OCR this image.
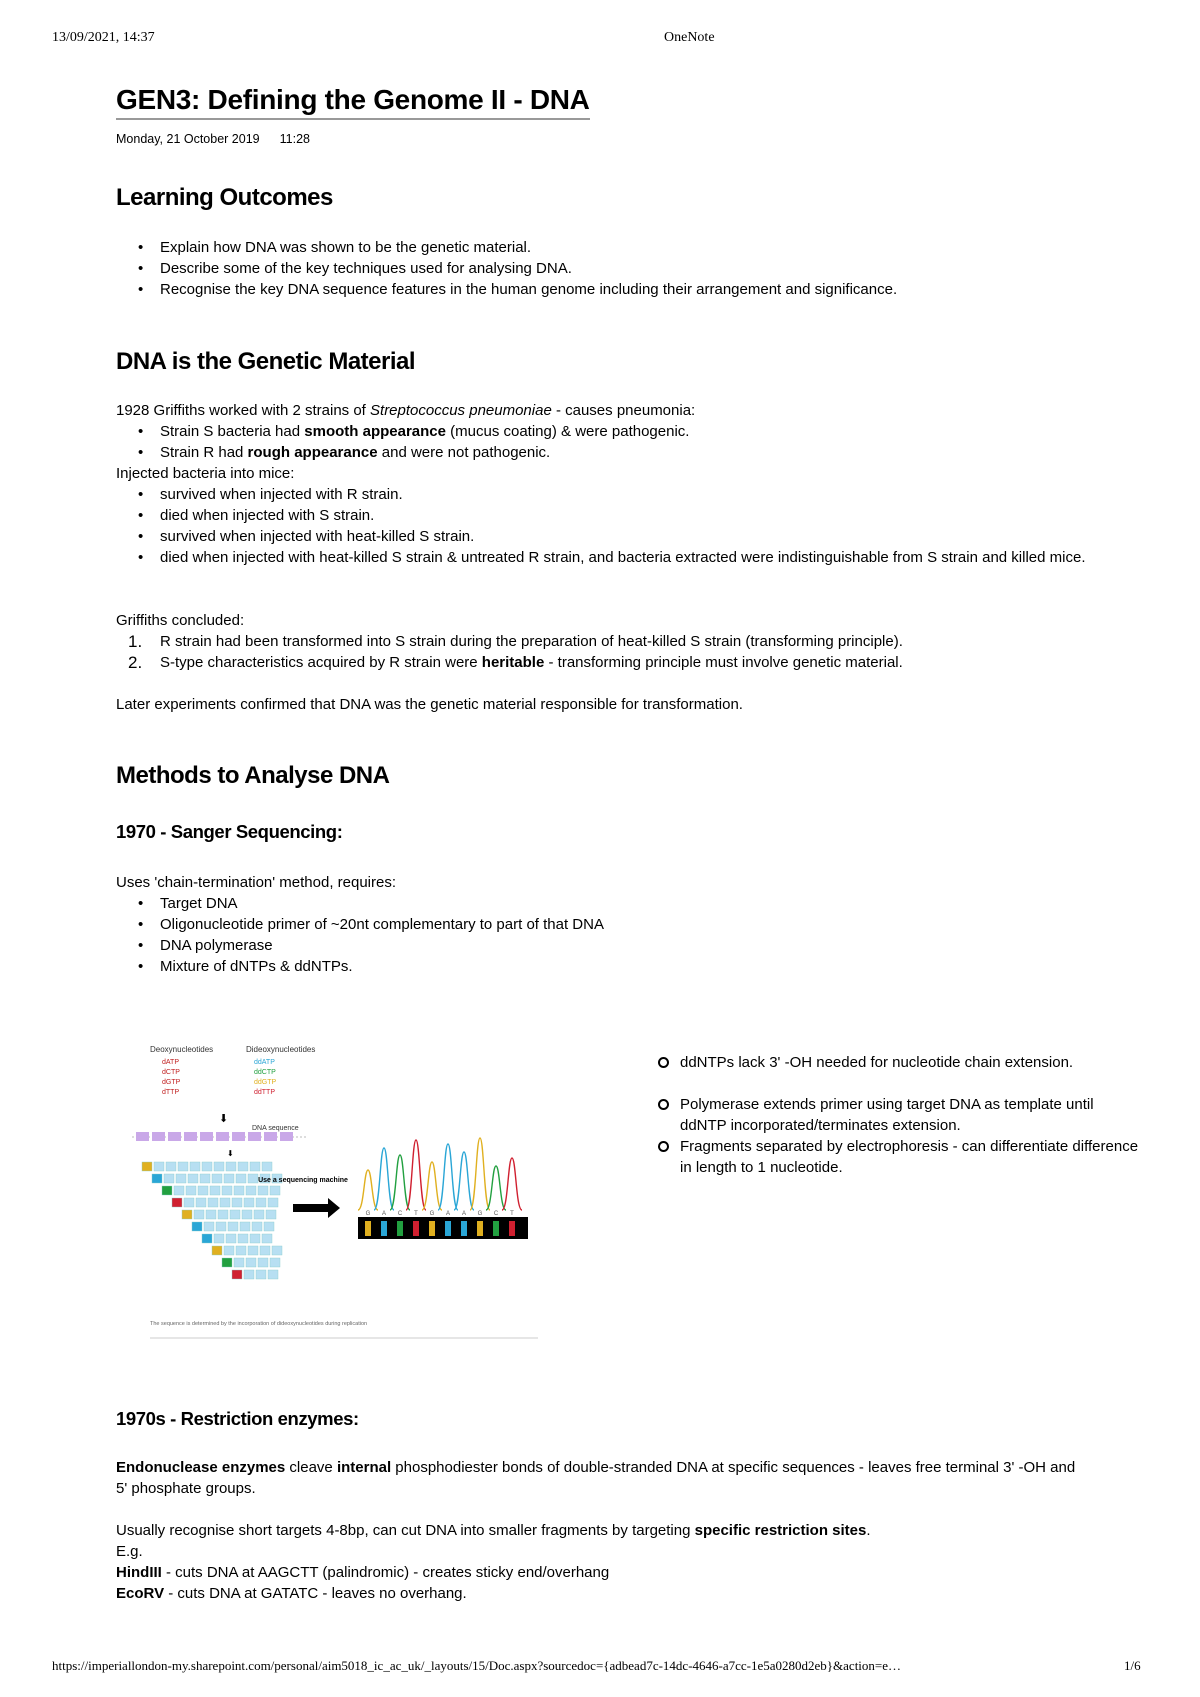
13/09/2021, 14:37	OneNote
GEN3: Defining the Genome II - DNA
Monday, 21 October 2019 11:28
Learning Outcomes
• Explain how DNA was shown to be the genetic material.
• Describe some of the key techniques used for analysing DNA.
• Recognise the key DNA sequence features in the human genome including their arrangement and significance.
DNA is the Genetic Material
1928 Griffiths worked with 2 strains of Streptococcus pneumoniae - causes pneumonia:
• Strain S bacteria had smooth appearance (mucus coating) & were pathogenic.
• Strain R had rough appearance and were not pathogenic.
Injected bacteria into mice:
• survived when injected with R strain.
• died when injected with S strain.
• survived when injected with heat-killed S strain.
• died when injected with heat-killed S strain & untreated R strain, and bacteria extracted were indistinguishable from S strain and killed mice.
Griffiths concluded:
1. R strain had been transformed into S strain during the preparation of heat-killed S strain (transforming principle).
2. S-type characteristics acquired by R strain were heritable - transforming principle must involve genetic material.
Later experiments confirmed that DNA was the genetic material responsible for transformation.
Methods to Analyse DNA
1970 - Sanger Sequencing:
Uses 'chain-termination' method, requires:
• Target DNA
• Oligonucleotide primer of ~20nt complementary to part of that DNA
• DNA polymerase
• Mixture of dNTPs & ddNTPs.
Deoxynucleotides	Dideoxynucleotides
dATP
dCTP
dGTP
dTTP
ddATP
ddCTP
ddGTP
ddTTP
⬇
DNA sequence
⬇
Use a sequencing machine
G A C T G A A G C T
The sequence is determined by the incorporation of dideoxynucleotides during replication
ddNTPs lack 3' -OH needed for nucleotide chain extension.
Polymerase extends primer using target DNA as template until ddNTP incorporated/terminates extension.
Fragments separated by electrophoresis - can differentiate difference in length to 1 nucleotide.
1970s - Restriction enzymes:
Endonuclease enzymes cleave internal phosphodiester bonds of double-stranded DNA at specific sequences - leaves free terminal 3' -OH and 5' phosphate groups.
Usually recognise short targets 4-8bp, can cut DNA into smaller fragments by targeting specific restriction sites.
E.g.
HindIII - cuts DNA at AAGCTT (palindromic) - creates sticky end/overhang
EcoRV - cuts DNA at GATATC - leaves no overhang.
https://imperiallondon-my.sharepoint.com/personal/aim5018_ic_ac_uk/_layouts/15/Doc.aspx?sourcedoc={adbead7c-14dc-4646-a7cc-1e5a0280d2eb}&action=e…	1/6
